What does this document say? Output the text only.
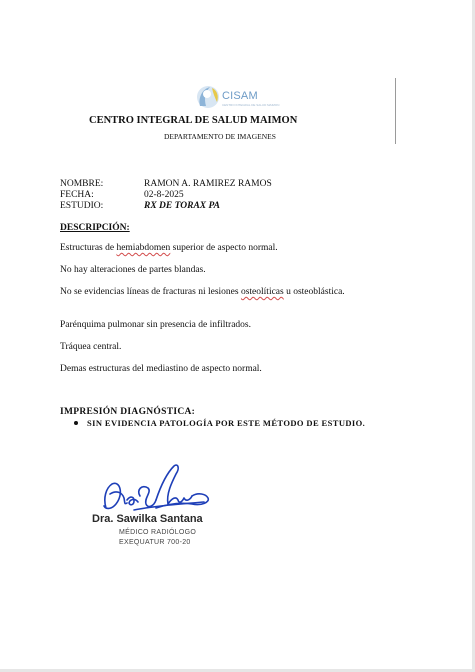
CISAM
CENTRO INTEGRAL DE SALUD MAIMON
CENTRO INTEGRAL DE SALUD MAIMON
DEPARTAMENTO DE IMAGENES
NOMBRE:	RAMON A. RAMIREZ RAMOS
FECHA:	02-8-2025
ESTUDIO:	RX DE TORAX PA
DESCRIPCIÓN:
Estructuras de hemiabdomen superior de aspecto normal.
No hay alteraciones de partes blandas.
No se evidencias líneas de fracturas ni lesiones osteolíticas u osteoblástica.
Parénquima pulmonar sin presencia de infiltrados.
Tráquea central.
Demas estructuras del mediastino de aspecto normal.
IMPRESIÓN DIAGNÓSTICA:
SIN EVIDENCIA PATOLOGÍA POR ESTE MÉTODO DE ESTUDIO.
Dra. Sawilka Santana
MÉDICO RADIÓLOGO
EXEQUATUR 700-20
